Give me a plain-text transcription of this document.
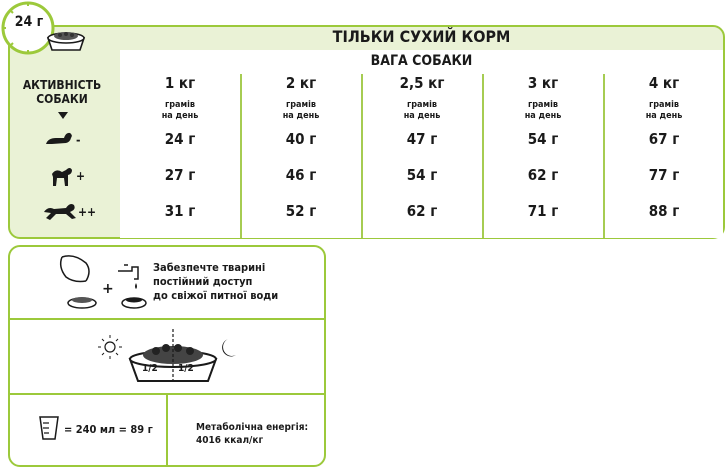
24 г
ТІЛЬКИ СУХИЙ КОРМ
ВАГА СОБАКИ
АКТИВНІСТЬ
СОБАКИ
-
+
++
1 кг	2 кг	2,5 кг	3 кг	4 кг
грамів
на день
грамів
на день
грамів
на день
грамів
на день
грамів
на день
24 г	40 г	47 г	54 г	67 г
27 г	46 г	54 г	62 г	77 г
31 г	52 г	62 г	71 г	88 г
+
Забезпечте тварині
постійний доступ
до свіжої питної води
1/2 1/2
= 240 мл = 89 г	Метаболічна енергія:
4016 ккал/кг
